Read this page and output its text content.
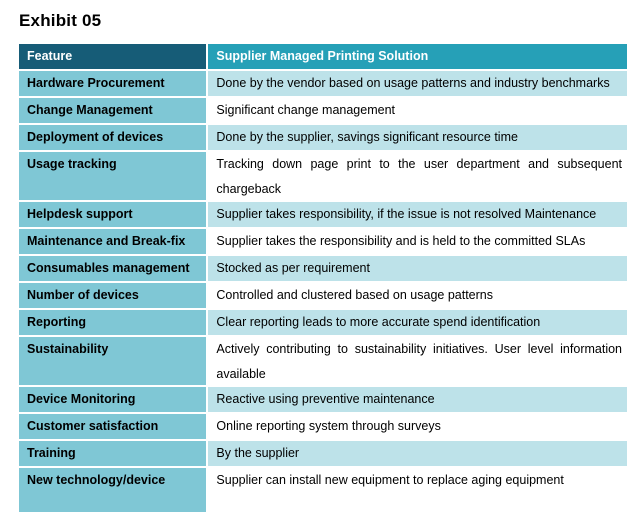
Exhibit 05
Feature	Supplier Managed Printing Solution
Hardware Procurement	Done by the vendor based on usage patterns and industry benchmarks
Change Management	Significant change management
Deployment of devices	Done by the supplier, savings significant resource time
Usage tracking	Tracking down page print to the user department and subsequent chargeback
Helpdesk support	Supplier takes responsibility, if the issue is not resolved Maintenance
Maintenance and Break-fix	Supplier takes the responsibility and is held to the committed SLAs
Consumables management	Stocked as per requirement
Number of devices	Controlled and clustered based on usage patterns
Reporting	Clear reporting leads to more accurate spend identification
Sustainability	Actively contributing to sustainability initiatives. User level information available
Device Monitoring	Reactive using preventive maintenance
Customer satisfaction	Online reporting system through surveys
Training	By the supplier
New technology/device	Supplier can install new equipment to replace aging equipment
